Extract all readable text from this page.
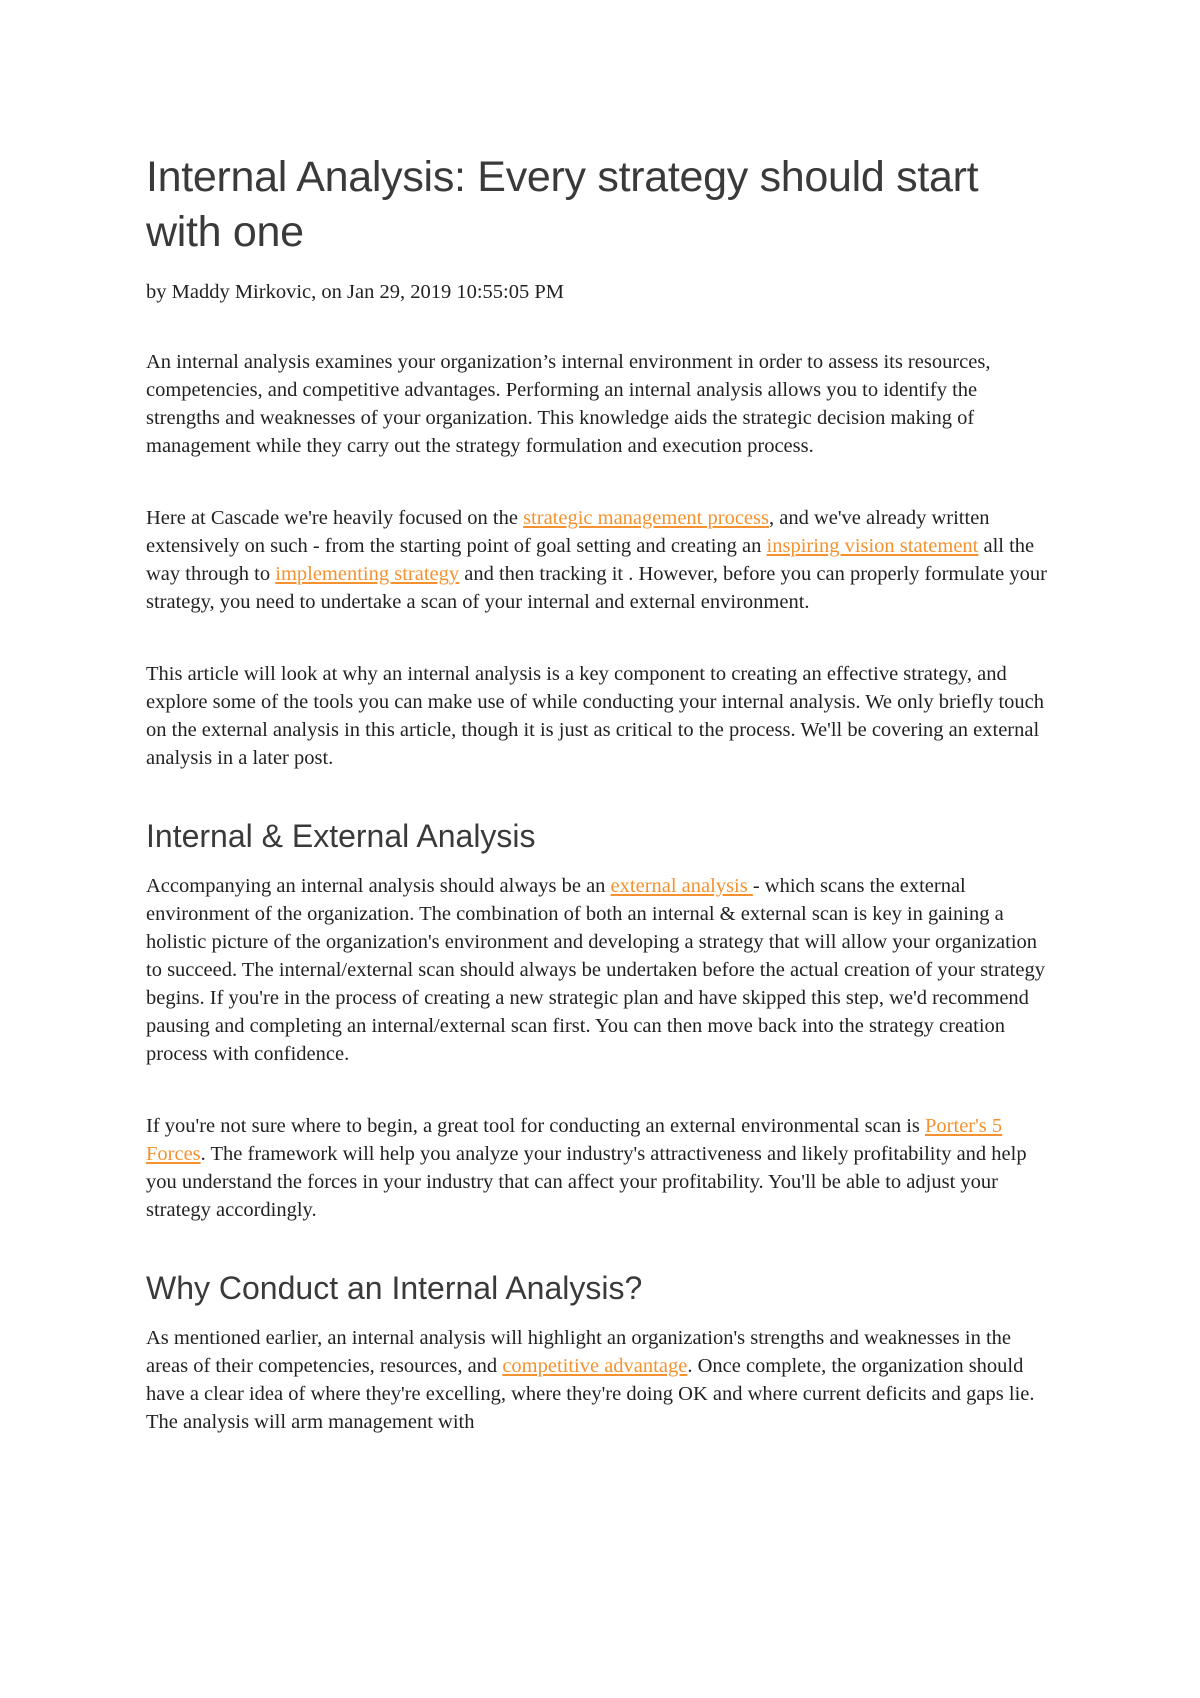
Internal Analysis: Every strategy should start with one

by Maddy Mirkovic, on Jan 29, 2019 10:55:05 PM

An internal analysis examines your organization’s internal environment in order to assess its resources, competencies, and competitive advantages. Performing an internal analysis allows you to identify the strengths and weaknesses of your organization. This knowledge aids the strategic decision making of management while they carry out the strategy formulation and execution process.

Here at Cascade we're heavily focused on the strategic management process, and we've already written extensively on such - from the starting point of goal setting and creating an inspiring vision statement all the way through to implementing strategy and then tracking it . However, before you can properly formulate your strategy, you need to undertake a scan of your internal and external environment.

This article will look at why an internal analysis is a key component to creating an effective strategy, and explore some of the tools you can make use of while conducting your internal analysis. We only briefly touch on the external analysis in this article, though it is just as critical to the process. We'll be covering an external analysis in a later post.

Internal & External Analysis

Accompanying an internal analysis should always be an external analysis - which scans the external environment of the organization. The combination of both an internal & external scan is key in gaining a holistic picture of the organization's environment and developing a strategy that will allow your organization to succeed. The internal/external scan should always be undertaken before the actual creation of your strategy begins. If you're in the process of creating a new strategic plan and have skipped this step, we'd recommend pausing and completing an internal/external scan first. You can then move back into the strategy creation process with confidence.

If you're not sure where to begin, a great tool for conducting an external environmental scan is Porter's 5 Forces. The framework will help you analyze your industry's attractiveness and likely profitability and help you understand the forces in your industry that can affect your profitability. You'll be able to adjust your strategy accordingly.

Why Conduct an Internal Analysis?

As mentioned earlier, an internal analysis will highlight an organization's strengths and weaknesses in the areas of their competencies, resources, and competitive advantage. Once complete, the organization should have a clear idea of where they're excelling, where they're doing OK and where current deficits and gaps lie. The analysis will arm management with
